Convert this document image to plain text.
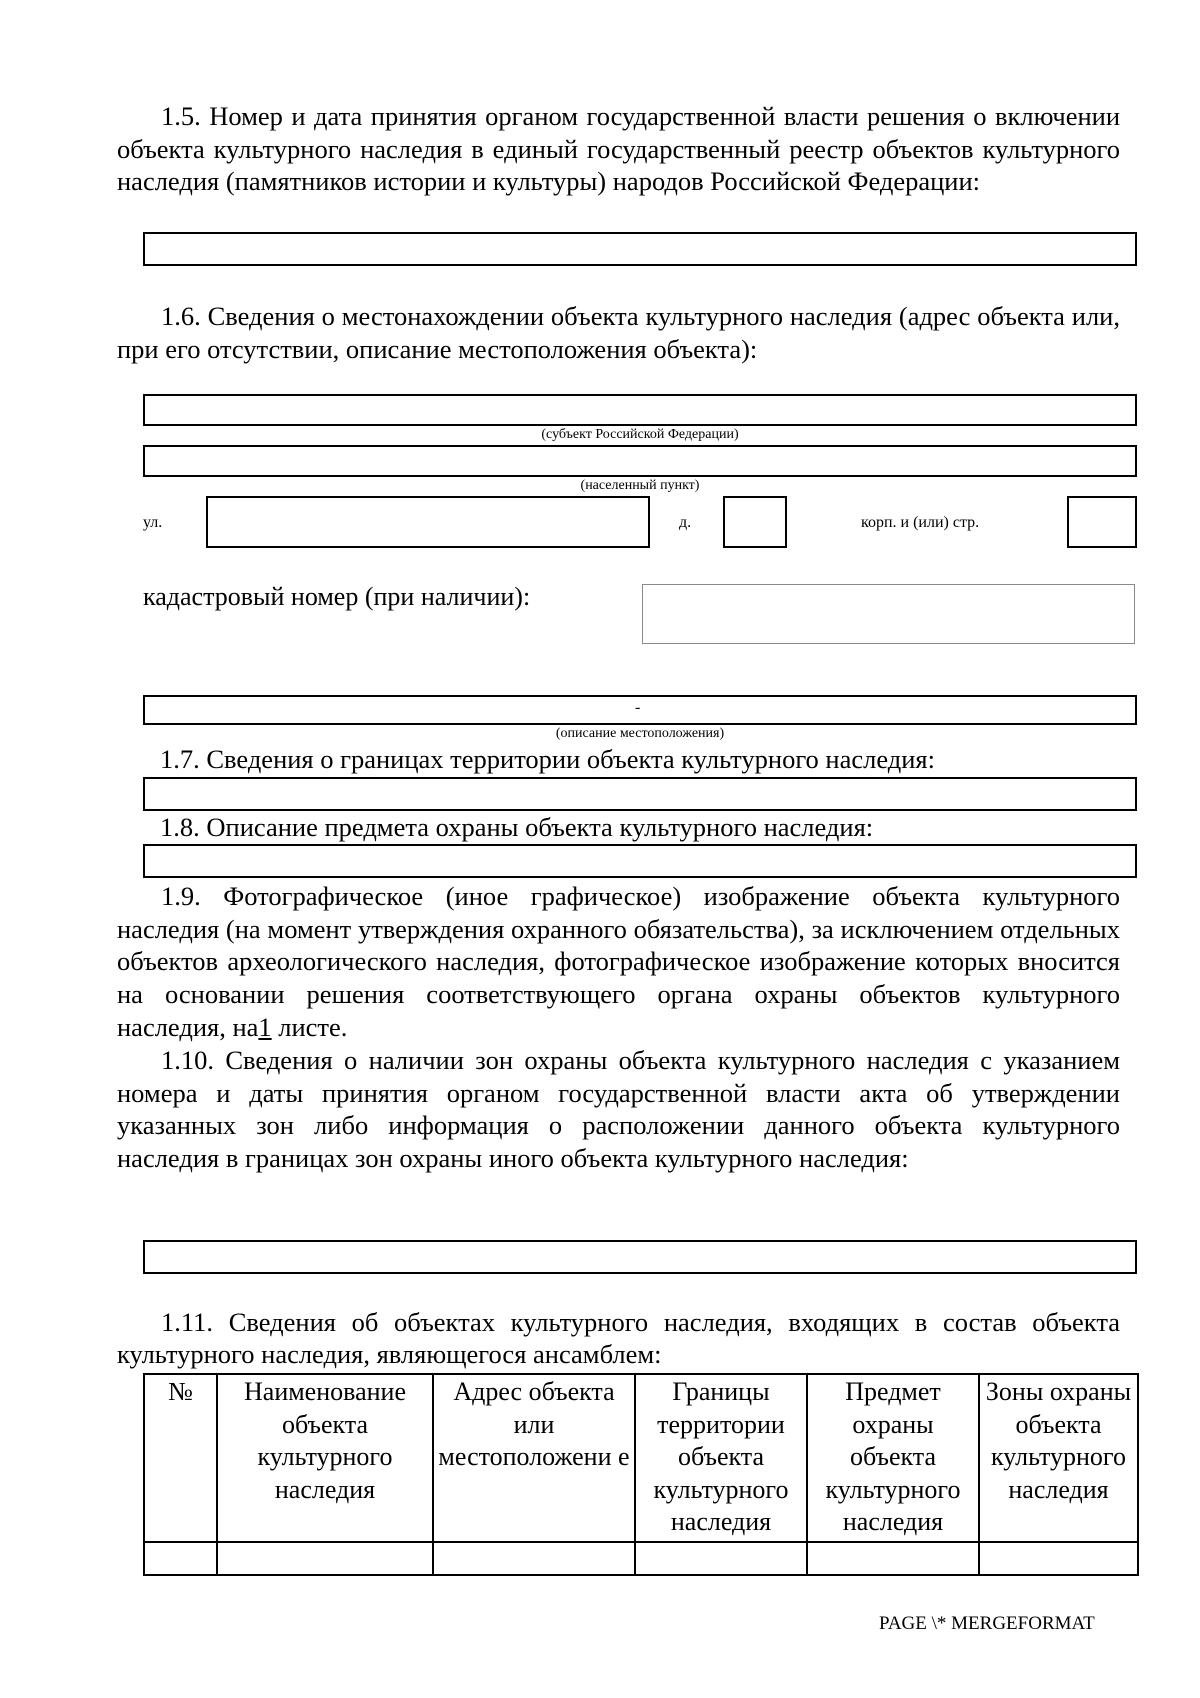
1.5. Номер и дата принятия органом государственной власти решения о включении объекта культурного наследия в единый государственный реестр объектов культурного наследия (памятников истории и культуры) народов Российской Федерации:

1.6. Сведения о местонахождении объекта культурного наследия (адрес объекта или, при его отсутствии, описание местоположения объекта):

(субъект Российской Федерации)
(населенный пункт)
ул.	д.	корп. и (или) стр.
кадастровый номер (при наличии):
-
(описание местоположения)
1.7. Сведения о границах территории объекта культурного наследия:
1.8. Описание предмета охраны объекта культурного наследия:

1.9. Фотографическое (иное графическое) изображение объекта культурного наследия (на момент утверждения охранного обязательства), за исключением отдельных объектов археологического наследия, фотографическое изображение которых вносится на основании решения соответствующего органа охраны объектов культурного наследия, на1 листе.

1.10. Сведения о наличии зон охраны объекта культурного наследия с указанием номера и даты принятия органом государственной власти акта об утверждении указанных зон либо информация о расположении данного объекта культурного наследия в границах зон охраны иного объекта культурного наследия:

1.11. Сведения об объектах культурного наследия, входящих в состав объекта культурного наследия, являющегося ансамблем:

№	Наименование объекта культурного наследия	Адрес объекта или местоположени е	Границы территории объекта культурного наследия	Предмет охраны объекта культурного наследия	Зоны охраны объекта культурного наследия

PAGE \* MERGEFORMAT
